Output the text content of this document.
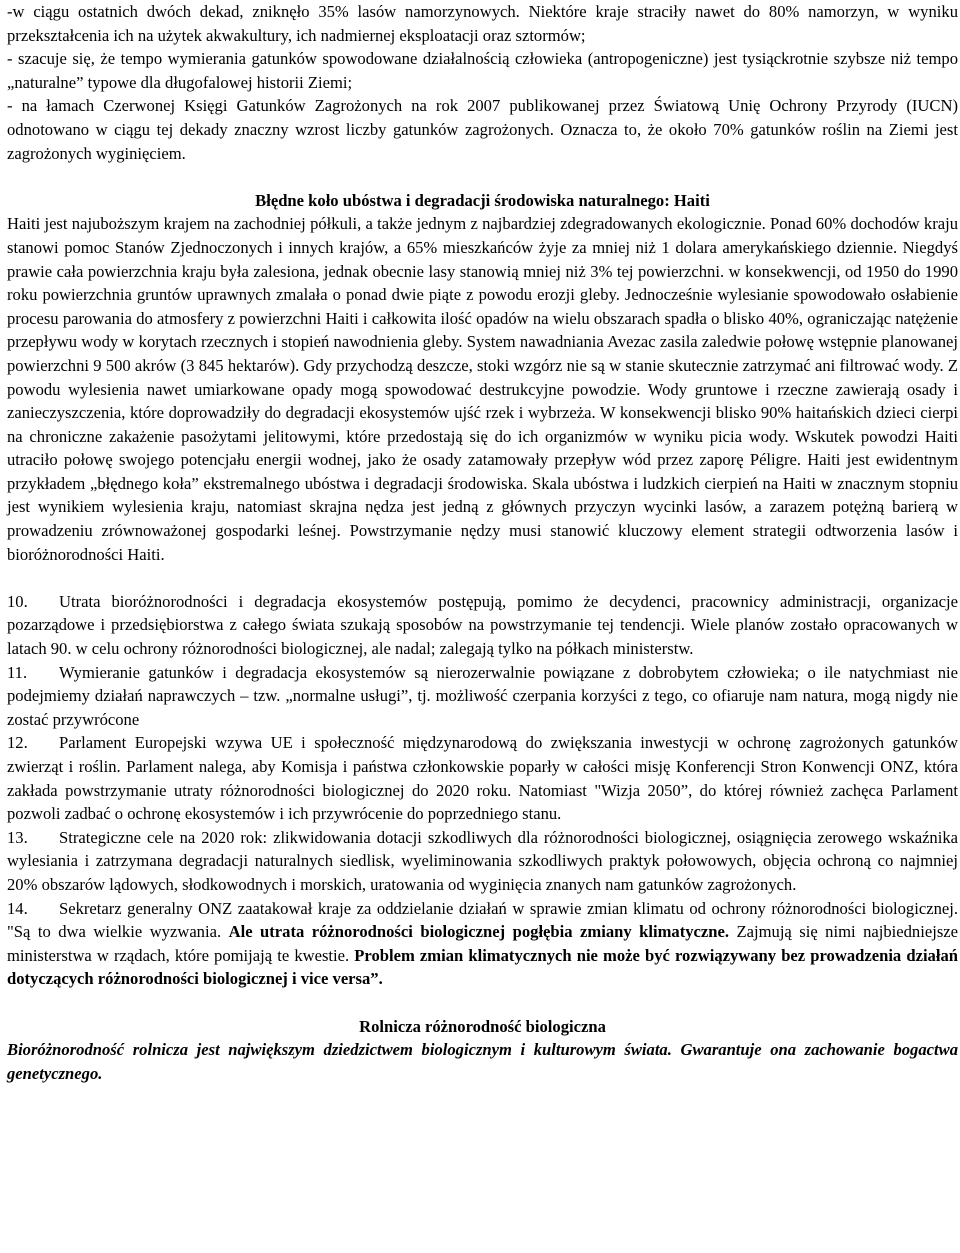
-w ciągu ostatnich dwóch dekad, zniknęło 35% lasów namorzynowych. Niektóre kraje straciły nawet do 80% namorzyn, w wyniku przekształcenia ich na użytek akwakultury, ich nadmiernej eksploatacji oraz sztormów;

- szacuje się, że tempo wymierania gatunków spowodowane działalnością człowieka (antropogeniczne) jest tysiąckrotnie szybsze niż tempo „naturalne” typowe dla długofalowej historii Ziemi;

- na łamach Czerwonej Księgi Gatunków Zagrożonych na rok 2007 publikowanej przez Światową Unię Ochrony Przyrody (IUCN) odnotowano w ciągu tej dekady znaczny wzrost liczby gatunków zagrożonych. Oznacza to, że około 70% gatunków roślin na Ziemi jest zagrożonych wyginięciem.

Błędne koło ubóstwa i degradacji środowiska naturalnego: Haiti

Haiti jest najuboższym krajem na zachodniej półkuli, a także jednym z najbardziej zdegradowanych ekologicznie. Ponad 60% dochodów kraju stanowi pomoc Stanów Zjednoczonych i innych krajów, a 65% mieszkańców żyje za mniej niż 1 dolara amerykańskiego dziennie. Niegdyś prawie cała powierzchnia kraju była zalesiona, jednak obecnie lasy stanowią mniej niż 3% tej powierzchni. w konsekwencji, od 1950 do 1990 roku powierzchnia gruntów uprawnych zmalała o ponad dwie piąte z powodu erozji gleby. Jednocześnie wylesianie spowodowało osłabienie procesu parowania do atmosfery z powierzchni Haiti i całkowita ilość opadów na wielu obszarach spadła o blisko 40%, ograniczając natężenie przepływu wody w korytach rzecznych i stopień nawodnienia gleby. System nawadniania Avezac zasila zaledwie połowę wstępnie planowanej powierzchni 9 500 akrów (3 845 hektarów). Gdy przychodzą deszcze, stoki wzgórz nie są w stanie skutecznie zatrzymać ani filtrować wody. Z powodu wylesienia nawet umiarkowane opady mogą spowodować destrukcyjne powodzie. Wody gruntowe i rzeczne zawierają osady i zanieczyszczenia, które doprowadziły do degradacji ekosystemów ujść rzek i wybrzeża. W konsekwencji blisko 90% haitańskich dzieci cierpi na chroniczne zakażenie pasożytami jelitowymi, które przedostają się do ich organizmów w wyniku picia wody. Wskutek powodzi Haiti utraciło połowę swojego potencjału energii wodnej, jako że osady zatamowały przepływ wód przez zaporę Péligre. Haiti jest ewidentnym przykładem „błędnego koła” ekstremalnego ubóstwa i degradacji środowiska. Skala ubóstwa i ludzkich cierpień na Haiti w znacznym stopniu jest wynikiem wylesienia kraju, natomiast skrajna nędza jest jedną z głównych przyczyn wycinki lasów, a zarazem potężną barierą w prowadzeniu zrównoważonej gospodarki leśnej. Powstrzymanie nędzy musi stanowić kluczowy element strategii odtworzenia lasów i bioróżnorodności Haiti.

10. Utrata bioróżnorodności i degradacja ekosystemów postępują, pomimo że decydenci, pracownicy administracji, organizacje pozarządowe i przedsiębiorstwa z całego świata szukają sposobów na powstrzymanie tej tendencji. Wiele planów zostało opracowanych w latach 90. w celu ochrony różnorodności biologicznej, ale nadal; zalegają tylko na półkach ministerstw.

11. Wymieranie gatunków i degradacja ekosystemów są nierozerwalnie powiązane z dobrobytem człowieka; o ile natychmiast nie podejmiemy działań naprawczych – tzw. „normalne usługi”, tj. możliwość czerpania korzyści z tego, co ofiaruje nam natura, mogą nigdy nie zostać przywrócone

12. Parlament Europejski wzywa UE i społeczność międzynarodową do zwiększania inwestycji w ochronę zagrożonych gatunków zwierząt i roślin. Parlament nalega, aby Komisja i państwa członkowskie poparły w całości misję Konferencji Stron Konwencji ONZ, która zakłada powstrzymanie utraty różnorodności biologicznej do 2020 roku. Natomiast "Wizja 2050”, do której również zachęca Parlament pozwoli zadbać o ochronę ekosystemów i ich przywrócenie do poprzedniego stanu.

13. Strategiczne cele na 2020 rok: zlikwidowania dotacji szkodliwych dla różnorodności biologicznej, osiągnięcia zerowego wskaźnika wylesiania i zatrzymana degradacji naturalnych siedlisk, wyeliminowania szkodliwych praktyk połowowych, objęcia ochroną co najmniej 20% obszarów lądowych, słodkowodnych i morskich, uratowania od wyginięcia znanych nam gatunków zagrożonych.

14. Sekretarz generalny ONZ zaatakował kraje za oddzielanie działań w sprawie zmian klimatu od ochrony różnorodności biologicznej. "Są to dwa wielkie wyzwania. Ale utrata różnorodności biologicznej pogłębia zmiany klimatyczne. Zajmują się nimi najbiedniejsze ministerstwa w rządach, które pomijają te kwestie. Problem zmian klimatycznych nie może być rozwiązywany bez prowadzenia działań dotyczących różnorodności biologicznej i vice versa”.

Rolnicza różnorodność biologiczna

Bioróżnorodność rolnicza jest największym dziedzictwem biologicznym i kulturowym świata. Gwarantuje ona zachowanie bogactwa genetycznego.
